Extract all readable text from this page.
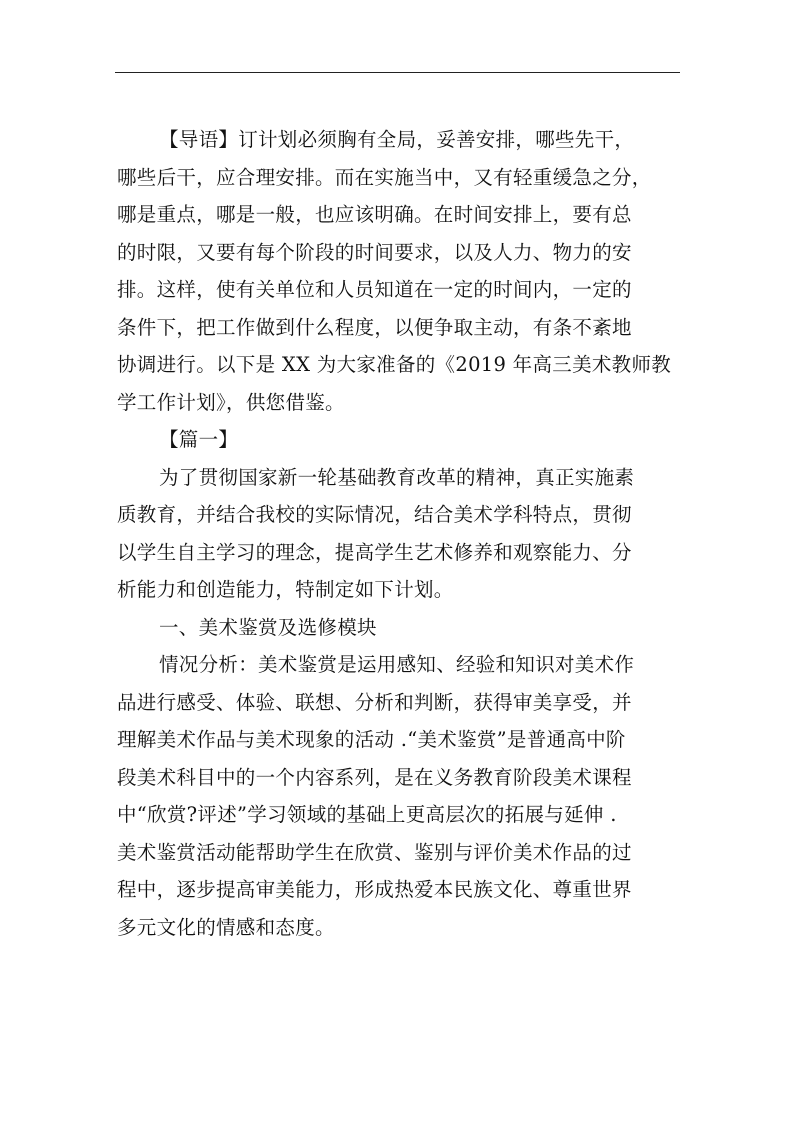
【导语】订计划必须胸有全局，妥善安排，哪些先干，
哪些后干，应合理安排。而在实施当中，又有轻重缓急之分，
哪是重点，哪是一般，也应该明确。在时间安排上，要有总
的时限，又要有每个阶段的时间要求，以及人力、物力的安
排。这样，使有关单位和人员知道在一定的时间内，一定的
条件下，把工作做到什么程度，以便争取主动，有条不紊地
协调进行。以下是 XX 为大家准备的《2019 年高三美术教师教
学工作计划》，供您借鉴。

【篇一】

为了贯彻国家新一轮基础教育改革的精神，真正实施素
质教育，并结合我校的实际情况，结合美术学科特点，贯彻
以学生自主学习的理念，提高学生艺术修养和观察能力、分
析能力和创造能力，特制定如下计划。

一、美术鉴赏及选修模块

情况分析：美术鉴赏是运用感知、经验和知识对美术作
品进行感受、体验、联想、分析和判断，获得审美享受，并
理解美术作品与美术现象的活动 .“美术鉴赏”是普通高中阶
段美术科目中的一个内容系列，是在义务教育阶段美术课程
中“欣赏?评述”学习领域的基础上更高层次的拓展与延伸 .
美术鉴赏活动能帮助学生在欣赏、鉴别与评价美术作品的过
程中，逐步提高审美能力，形成热爱本民族文化、尊重世界
多元文化的情感和态度。
